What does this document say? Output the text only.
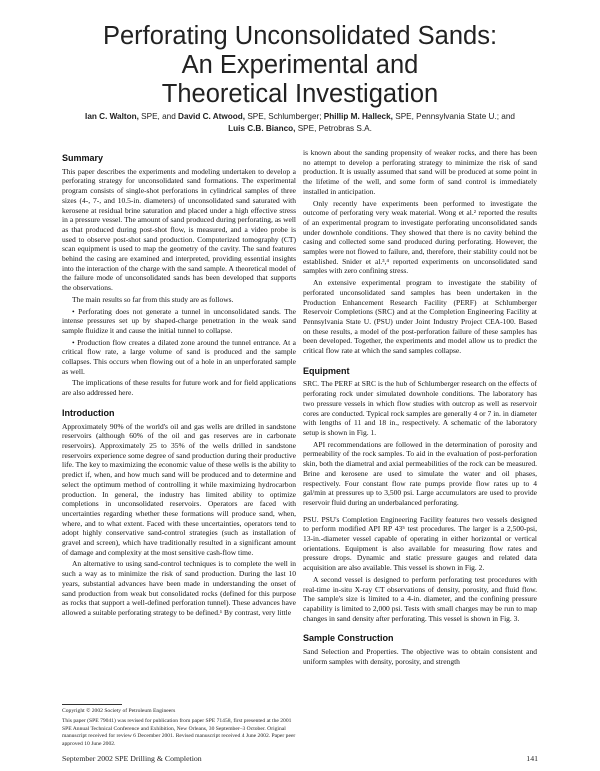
Perforating Unconsolidated Sands:
An Experimental and
Theoretical Investigation
Ian C. Walton, SPE, and David C. Atwood, SPE, Schlumberger; Phillip M. Halleck, SPE, Pennsylvania State U.; and
Luis C.B. Bianco, SPE, Petrobras S.A.
Summary

This paper describes the experiments and modeling undertaken to develop a perforating strategy for unconsolidated sand formations. The experimental program consists of single-shot perforations in cylindrical samples of three sizes (4-, 7-, and 10.5-in. diameters) of unconsolidated sand saturated with kerosene at residual brine saturation and placed under a high effective stress in a pressure vessel. The amount of sand produced during perforating, as well as that produced during post-shot flow, is measured, and a video probe is used to observe post-shot sand production. Computerized tomography (CT) scan equipment is used to map the geometry of the cavity. The sand features behind the casing are examined and interpreted, providing essential insights into the interaction of the charge with the sand sample. A theoretical model of the failure mode of unconsolidated sands has been developed that supports the observations.

The main results so far from this study are as follows.

• Perforating does not generate a tunnel in unconsolidated sands. The intense pressures set up by shaped-charge penetration in the weak sand sample fluidize it and cause the initial tunnel to collapse.

• Production flow creates a dilated zone around the tunnel entrance. At a critical flow rate, a large volume of sand is produced and the sample collapses. This occurs when flowing out of a hole in an unperforated sample as well.

The implications of these results for future work and for field applications are also addressed here.

Introduction

Approximately 90% of the world's oil and gas wells are drilled in sandstone reservoirs (although 60% of the oil and gas reserves are in carbonate reservoirs). Approximately 25 to 35% of the wells drilled in sandstone reservoirs experience some degree of sand production during their productive life. The key to maximizing the economic value of these wells is the ability to predict if, when, and how much sand will be produced and to determine and select the optimum method of controlling it while maximizing hydrocarbon production. In general, the industry has limited ability to optimize completions in unconsolidated reservoirs. Operators are faced with uncertainties regarding whether these formations will produce sand, when, where, and to what extent. Faced with these uncertainties, operators tend to adopt highly conservative sand-control strategies (such as installation of gravel and screen), which have traditionally resulted in a significant amount of damage and complexity at the most sensitive cash-flow time.

An alternative to using sand-control techniques is to complete the well in such a way as to minimize the risk of sand production. During the last 10 years, substantial advances have been made in understanding the onset of sand production from weak but consolidated rocks (defined for this purpose as rocks that support a well-defined perforation tunnel). These advances have allowed a suitable perforating strategy to be defined.¹ By contrast, very little

is known about the sanding propensity of weaker rocks, and there has been no attempt to develop a perforating strategy to minimize the risk of sand production. It is usually assumed that sand will be produced at some point in the lifetime of the well, and some form of sand control is immediately installed in anticipation.

Only recently have experiments been performed to investigate the outcome of perforating very weak material. Wong et al.² reported the results of an experimental program to investigate perforating unconsolidated sands under downhole conditions. They showed that there is no cavity behind the casing and collected some sand produced during perforating. However, the samples were not flowed to failure, and, therefore, their stability could not be established. Snider et al.³,⁴ reported experiments on unconsolidated sand samples with zero confining stress.

An extensive experimental program to investigate the stability of perforated unconsolidated sand samples has been undertaken in the Production Enhancement Research Facility (PERF) at Schlumberger Reservoir Completions (SRC) and at the Completion Engineering Facility at Pennsylvania State U. (PSU) under Joint Industry Project CEA-100. Based on these results, a model of the post-perforation failure of these samples has been developed. Together, the experiments and model allow us to predict the critical flow rate at which the sand samples collapse.

Equipment

SRC. The PERF at SRC is the hub of Schlumberger research on the effects of perforating rock under simulated downhole conditions. The laboratory has two pressure vessels in which flow studies with outcrop as well as reservoir cores are conducted. Typical rock samples are generally 4 or 7 in. in diameter with lengths of 11 and 18 in., respectively. A schematic of the laboratory setup is shown in Fig. 1.

API recommendations are followed in the determination of porosity and permeability of the rock samples. To aid in the evaluation of post-perforation skin, both the diametral and axial permeabilities of the rock can be measured. Brine and kerosene are used to simulate the water and oil phases, respectively. Four constant flow rate pumps provide flow rates up to 4 gal/min at pressures up to 3,500 psi. Large accumulators are used to provide reservoir fluid during an underbalanced perforating.

PSU. PSU's Completion Engineering Facility features two vessels designed to perform modified API RP 43⁵ test procedures. The larger is a 2,500-psi, 13-in.-diameter vessel capable of operating in either horizontal or vertical orientations. Equipment is also available for measuring flow rates and pressure drops. Dynamic and static pressure gauges and related data acquisition are also available. This vessel is shown in Fig. 2.

A second vessel is designed to perform perforating test procedures with real-time in-situ X-ray CT observations of density, porosity, and fluid flow. The sample's size is limited to a 4-in. diameter, and the confining pressure capability is limited to 2,000 psi. Tests with small charges may be run to map changes in sand density after perforating. This vessel is shown in Fig. 3.

Sample Construction

Sand Selection and Properties. The objective was to obtain consistent and uniform samples with density, porosity, and strength

Copyright © 2002 Society of Petroleum Engineers

This paper (SPE 79041) was revised for publication from paper SPE 71458, first presented at the 2001 SPE Annual Technical Conference and Exhibition, New Orleans, 30 September–3 October. Original manuscript received for review 6 December 2001. Revised manuscript received 4 June 2002. Paper peer approved 10 June 2002.

September 2002 SPE Drilling & Completion	141
